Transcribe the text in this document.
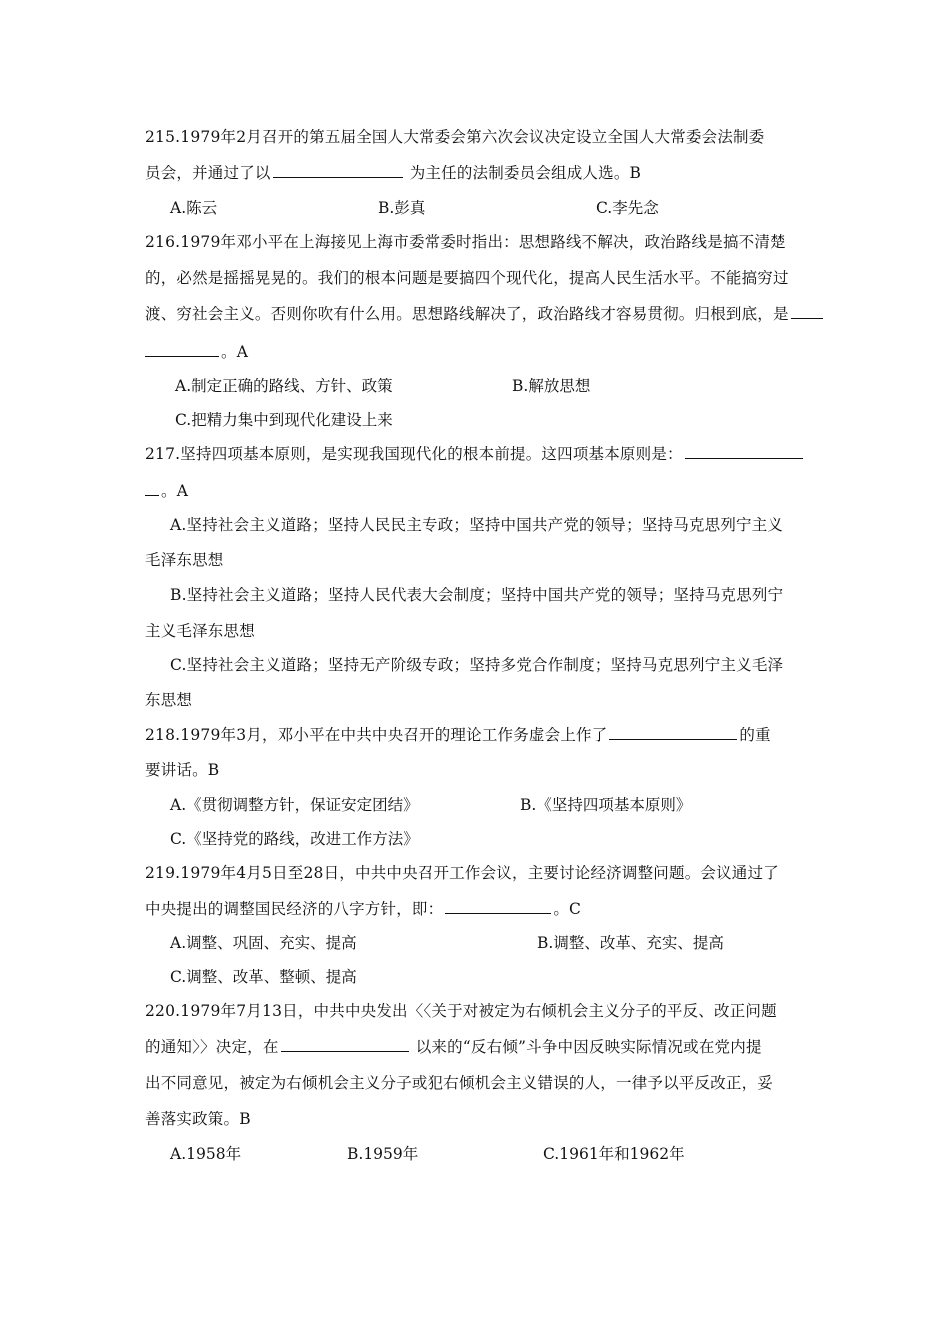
215.1979年2月召开的第五届全国人大常委会第六次会议决定设立全国人大常委会法制委
员会，并通过了以	为主任的法制委员会组成人选。B
A.陈云	B.彭真	C.李先念
216.1979年邓小平在上海接见上海市委常委时指出：思想路线不解决，政治路线是搞不清楚
的，必然是摇摇晃晃的。我们的根本问题是要搞四个现代化，提高人民生活水平。不能搞穷过
渡、穷社会主义。否则你吹有什么用。思想路线解决了，政治路线才容易贯彻。归根到底，是
。A
A.制定正确的路线、方针、政策	B.解放思想
C.把精力集中到现代化建设上来
217.坚持四项基本原则，是实现我国现代化的根本前提。这四项基本原则是：
。A
A.坚持社会主义道路；坚持人民民主专政；坚持中国共产党的领导；坚持马克思列宁主义
毛泽东思想
B.坚持社会主义道路；坚持人民代表大会制度；坚持中国共产党的领导；坚持马克思列宁
主义毛泽东思想
C.坚持社会主义道路；坚持无产阶级专政；坚持多党合作制度；坚持马克思列宁主义毛泽
东思想
218.1979年3月，邓小平在中共中央召开的理论工作务虚会上作了	的重
要讲话。B
A.《贯彻调整方针，保证安定团结》	B.《坚持四项基本原则》
C.《坚持党的路线，改进工作方法》
219.1979年4月5日至28日，中共中央召开工作会议，主要讨论经济调整问题。会议通过了
中央提出的调整国民经济的八字方针，即：	。C
A.调整、巩固、充实、提高	B.调整、改革、充实、提高
C.调整、改革、整顿、提高
220.1979年7月13日，中共中央发出〈〈关于对被定为右倾机会主义分子的平反、改正问题
的通知〉〉决定，在	以来的“反右倾”斗争中因反映实际情况或在党内提
出不同意见，被定为右倾机会主义分子或犯右倾机会主义错误的人，一律予以平反改正，妥
善落实政策。B
A.1958年	B.1959年	C.1961年和1962年
